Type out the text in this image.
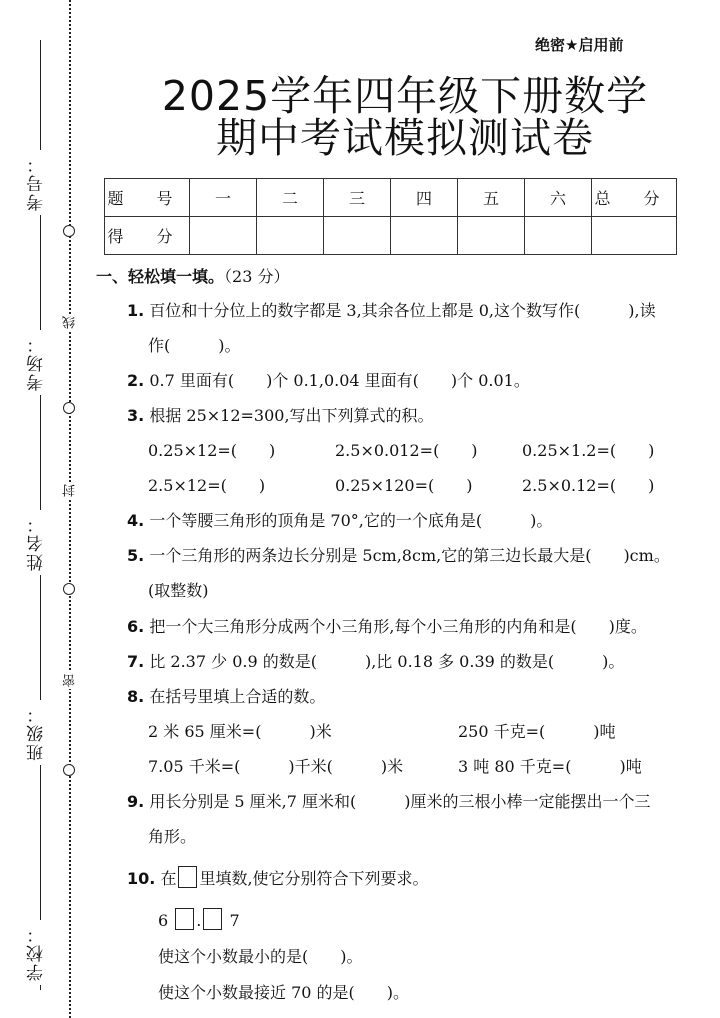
考号：
考场：
姓名：
班级：
学校：
线
封
密
绝密★启用前
2025学年四年级下册数学
期中考试模拟测试卷
题 号	一	二	三	四	五	六	总 分
得 分							
一、轻松填一填。（23 分）
1. 百位和十分位上的数字都是 3,其余各位上都是 0,这个数写作(　　　),读
作(　　　)。
2. 0.7 里面有(　　)个 0.1,0.04 里面有(　　)个 0.01。
3. 根据 25×12=300,写出下列算式的积。
0.25×12=(　　)	2.5×0.012=(　　)	0.25×1.2=(　　)
2.5×12=(　　)	0.25×120=(　　)	2.5×0.12=(　　)
4. 一个等腰三角形的顶角是 70°,它的一个底角是(　　　)。
5. 一个三角形的两条边长分别是 5cm,8cm,它的第三边长最大是(　　)cm。
(取整数)
6. 把一个大三角形分成两个小三角形,每个小三角形的内角和是(　　)度。
7. 比 2.37 少 0.9 的数是(　　　),比 0.18 多 0.39 的数是(　　　)。
8. 在括号里填上合适的数。
2 米 65 厘米=(　　　)米	250 千克=(　　　)吨
7.05 千米=(　　　)千米(　　　)米	3 吨 80 千克=(　　　)吨
9. 用长分别是 5 厘米,7 厘米和(　　　)厘米的三根小棒一定能摆出一个三
角形。
10. 在 里填数,使它分别符合下列要求。
6 . 7
使这个小数最小的是(　　)。
使这个小数最接近 70 的是(　　)。
